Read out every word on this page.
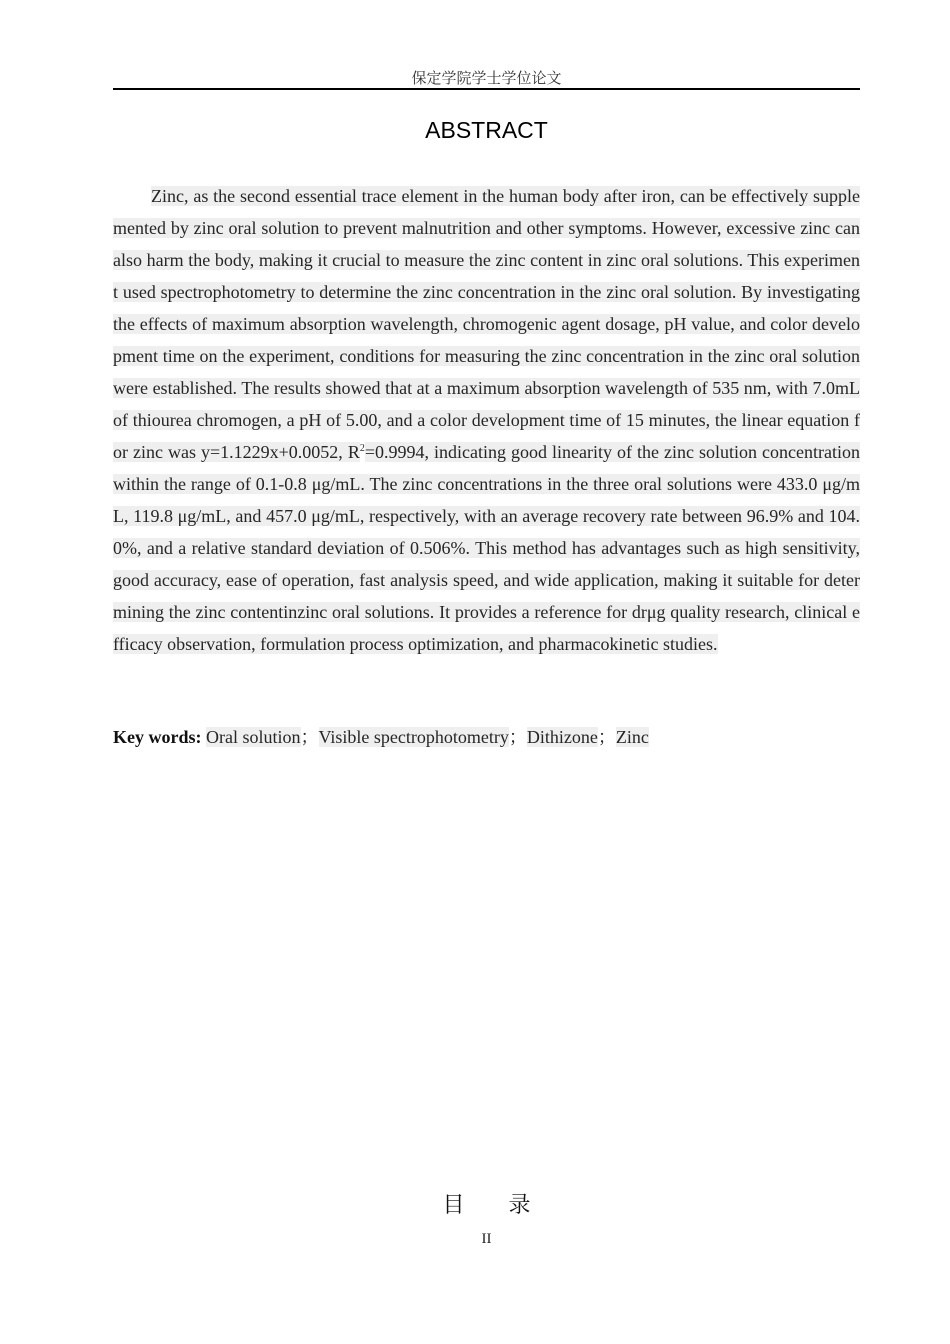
保定学院学士学位论文
ABSTRACT
Zinc, as the second essential trace element in the human body after iron, can be effectively supplemented by zinc oral solution to prevent malnutrition and other symptoms. However, excessive zinc can also harm the body, making it crucial to measure the zinc content in zinc oral solutions. This experiment used spectrophotometry to determine the zinc concentration in the zinc oral solution. By investigating the effects of maximum absorption wavelength, chromogenic agent dosage, pH value, and color development time on the experiment, conditions for measuring the zinc concentration in the zinc oral solution were established. The results showed that at a maximum absorption wavelength of 535 nm, with 7.0mL of thiourea chromogen, a pH of 5.00, and a color development time of 15 minutes, the linear equation for zinc was y=1.1229x+0.0052, $R^2=0.9994$, indicating good linearity of the zinc solution concentration within the range of 0.1-0.8 μg/mL. The zinc concentrations in the three oral solutions were 433.0 μg/mL, 119.8 μg/mL, and 457.0 μg/mL, respectively, with an average recovery rate between 96.9% and 104.0%, and a relative standard deviation of 0.506%. This method has advantages such as high sensitivity, good accuracy, ease of operation, fast analysis speed, and wide application, making it suitable for determining the zinc contentinzinc oral solutions. It provides a reference for drμg quality research, clinical efficacy observation, formulation process optimization, and pharmacokinetic studies.
Key words: Oral solution；Visible spectrophotometry；Dithizone；Zinc
目　　录
II
